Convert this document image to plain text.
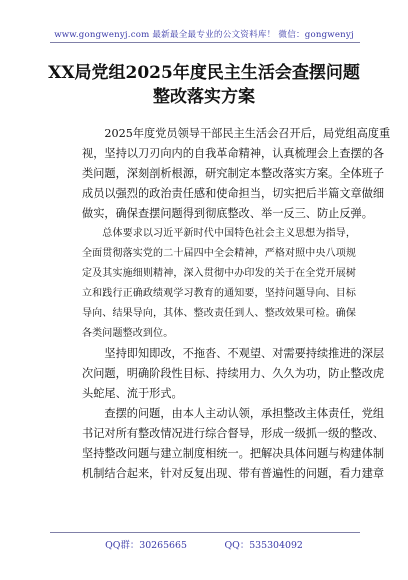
www.gongwenyj.com 最新最全最专业的公文资料库！ 微信：gongwenyj
XX局党组2025年度民主生活会查摆问题
整改落实方案

　　2025年度党员领导干部民主生活会召开后，局党组高度重
视，坚持以刀刃向内的自我革命精神，认真梳理会上查摆的各
类问题，深刻剖析根源，研究制定本整改落实方案。全体班子
成员以强烈的政治责任感和使命担当，切实把后半篇文章做细
做实，确保查摆问题得到彻底整改、举一反三、防止反弹。

　　总体要求以习近平新时代中国特色社会主义思想为指导，
全面贯彻落实党的二十届四中全会精神，严格对照中央八项规
定及其实施细则精神，深入贯彻中办印发的关于在全党开展树
立和践行正确政绩观学习教育的通知要，坚持问题导向、目标
导向、结果导向，其体、整改责任到人、整改效果可检。确保
各类问题整改到位。

　　坚持即知即改，不拖沓、不观望、对需要持续推进的深层
次问题，明确阶段性目标、持续用力、久久为功，防止整改虎
头蛇尾、流于形式。

　　查摆的问题，由本人主动认领，承担整改主体责任，党组
书记对所有整改情况进行综合督导，形成一级抓一级的整改、
坚持整改问题与建立制度相统一。把解决具体问题与构建体制
机制结合起来，针对反复出现、带有普遍性的问题，看力建章

QQ群：30265665　　　　QQ：535304092
